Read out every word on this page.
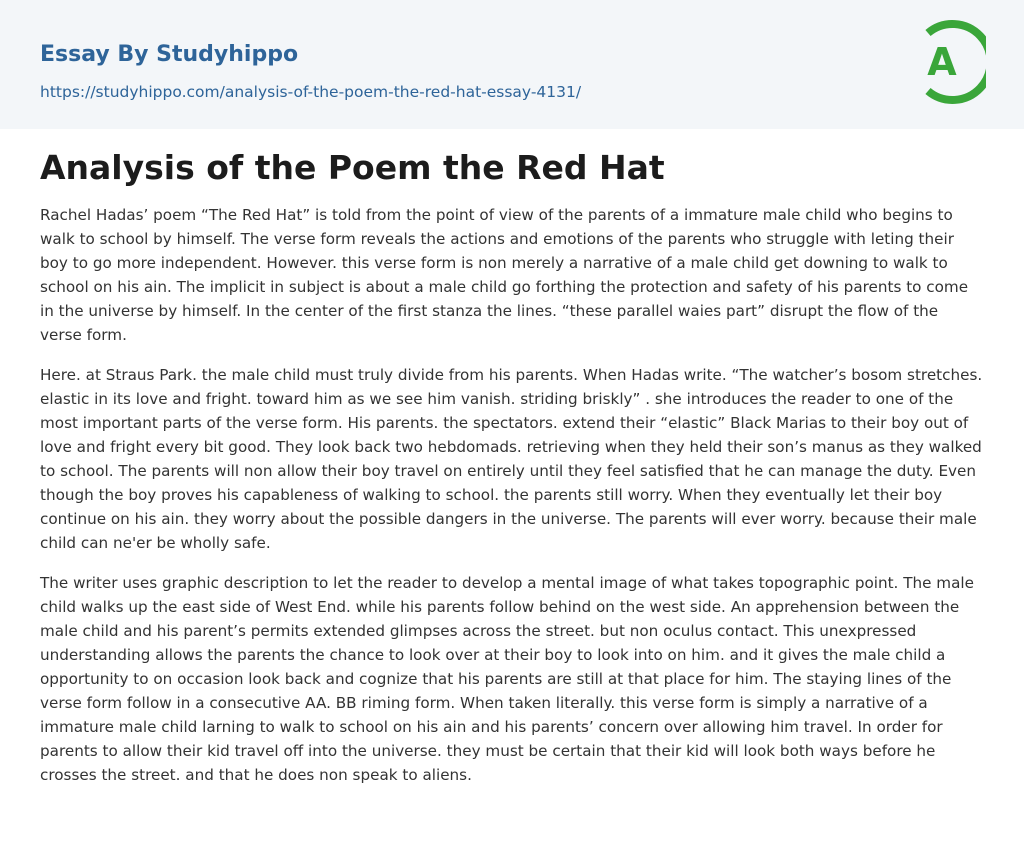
Essay By Studyhippo
https://studyhippo.com/analysis-of-the-poem-the-red-hat-essay-4131/
A
Analysis of the Poem the Red Hat

Rachel Hadas’ poem “The Red Hat” is told from the point of view of the parents of a immature male child who begins to walk to school by himself. The verse form reveals the actions and emotions of the parents who struggle with leting their boy to go more independent. However. this verse form is non merely a narrative of a male child get downing to walk to school on his ain. The implicit in subject is about a male child go forthing the protection and safety of his parents to come in the universe by himself. In the center of the first stanza the lines. “these parallel waies part” disrupt the flow of the verse form.

Here. at Straus Park. the male child must truly divide from his parents. When Hadas write. “The watcher’s bosom stretches. elastic in its love and fright. toward him as we see him vanish. striding briskly” . she introduces the reader to one of the most important parts of the verse form. His parents. the spectators. extend their “elastic” Black Marias to their boy out of love and fright every bit good. They look back two hebdomads. retrieving when they held their son’s manus as they walked to school. The parents will non allow their boy travel on entirely until they feel satisfied that he can manage the duty. Even though the boy proves his capableness of walking to school. the parents still worry. When they eventually let their boy continue on his ain. they worry about the possible dangers in the universe. The parents will ever worry. because their male child can ne'er be wholly safe.

The writer uses graphic description to let the reader to develop a mental image of what takes topographic point. The male child walks up the east side of West End. while his parents follow behind on the west side. An apprehension between the male child and his parent’s permits extended glimpses across the street. but non oculus contact. This unexpressed understanding allows the parents the chance to look over at their boy to look into on him. and it gives the male child a opportunity to on occasion look back and cognize that his parents are still at that place for him. The staying lines of the verse form follow in a consecutive AA. BB riming form. When taken literally. this verse form is simply a narrative of a immature male child larning to walk to school on his ain and his parents’ concern over allowing him travel. In order for parents to allow their kid travel off into the universe. they must be certain that their kid will look both ways before he crosses the street. and that he does non speak to aliens.
